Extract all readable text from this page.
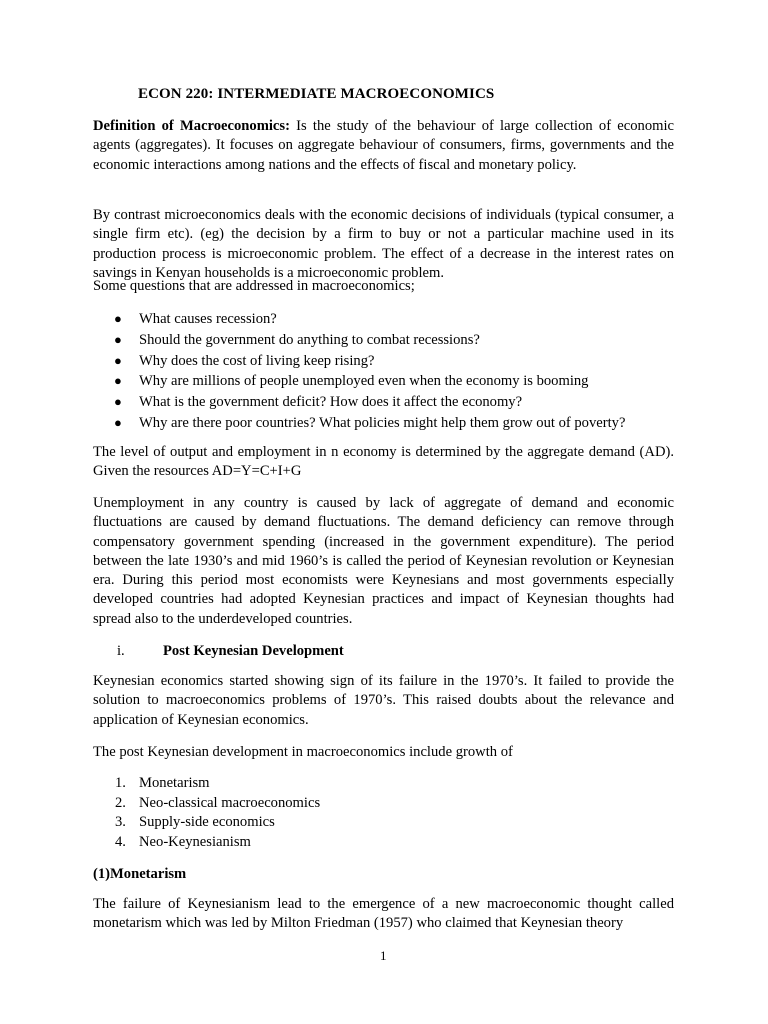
ECON 220: INTERMEDIATE MACROECONOMICS

Definition of Macroeconomics: Is the study of the behaviour of large collection of economic agents (aggregates). It focuses on aggregate behaviour of consumers, firms, governments and the economic interactions among nations and the effects of fiscal and monetary policy.

By contrast microeconomics deals with the economic decisions of individuals (typical consumer, a single firm etc). (eg) the decision by a firm to buy or not a particular machine used in its production process is microeconomic problem. The effect of a decrease in the interest rates on savings in Kenyan households is a microeconomic problem.

Some questions that are addressed in macroeconomics;

● What causes recession?
● Should the government do anything to combat recessions?
● Why does the cost of living keep rising?
● Why are millions of people unemployed even when the economy is booming
● What is the government deficit? How does it affect the economy?
● Why are there poor countries? What policies might help them grow out of poverty?

The level of output and employment in n economy is determined by the aggregate demand (AD). Given the resources AD=Y=C+I+G

Unemployment in any country is caused by lack of aggregate of demand and economic fluctuations are caused by demand fluctuations. The demand deficiency can remove through compensatory government spending (increased in the government expenditure). The period between the late 1930’s and mid 1960’s is called the period of Keynesian revolution or Keynesian era. During this period most economists were Keynesians and most governments especially developed countries had adopted Keynesian practices and impact of Keynesian thoughts had spread also to the underdeveloped countries.

i.	Post Keynesian Development

Keynesian economics started showing sign of its failure in the 1970’s. It failed to provide the solution to macroeconomics problems of 1970’s. This raised doubts about the relevance and application of Keynesian economics.

The post Keynesian development in macroeconomics include growth of

1. Monetarism
2. Neo-classical macroeconomics
3. Supply-side economics
4. Neo-Keynesianism
(1)Monetarism

The failure of Keynesianism lead to the emergence of a new macroeconomic thought called monetarism which was led by Milton Friedman (1957) who claimed that Keynesian theory

1
